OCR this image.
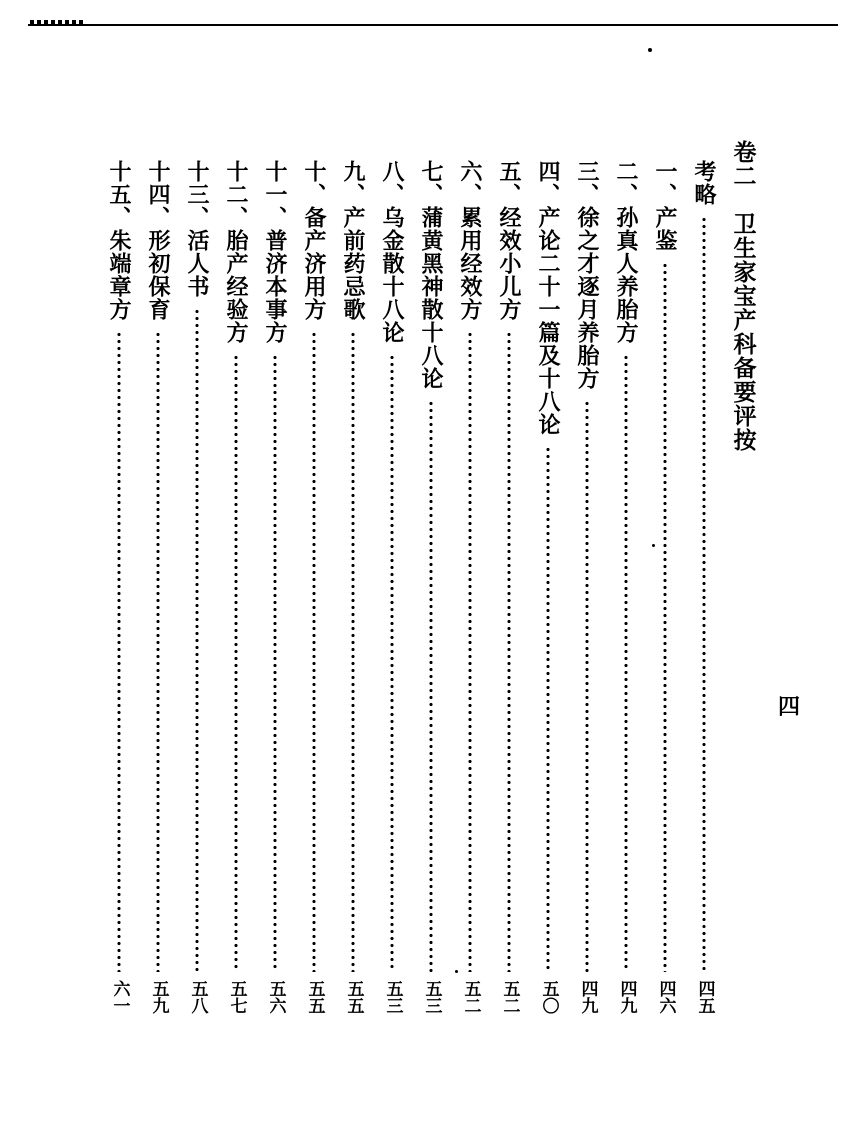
卷二　卫生家宝产科备要评按
考略
四五
一、产鉴
四六
二、孙真人养胎方
四九
三、徐之才逐月养胎方
四九
四、产论二十一篇及十八论
五〇
五、经效小儿方
五二
六、累用经效方
五二
七、蒲黄黑神散十八论
五三
八、乌金散十八论
五三
九、产前药忌歌
五五
十、备产济用方
五五
十一、普济本事方
五六
十二、胎产经验方
五七
十三、活人书
五八
十四、形初保育
五九
十五、朱端章方
六一
四
